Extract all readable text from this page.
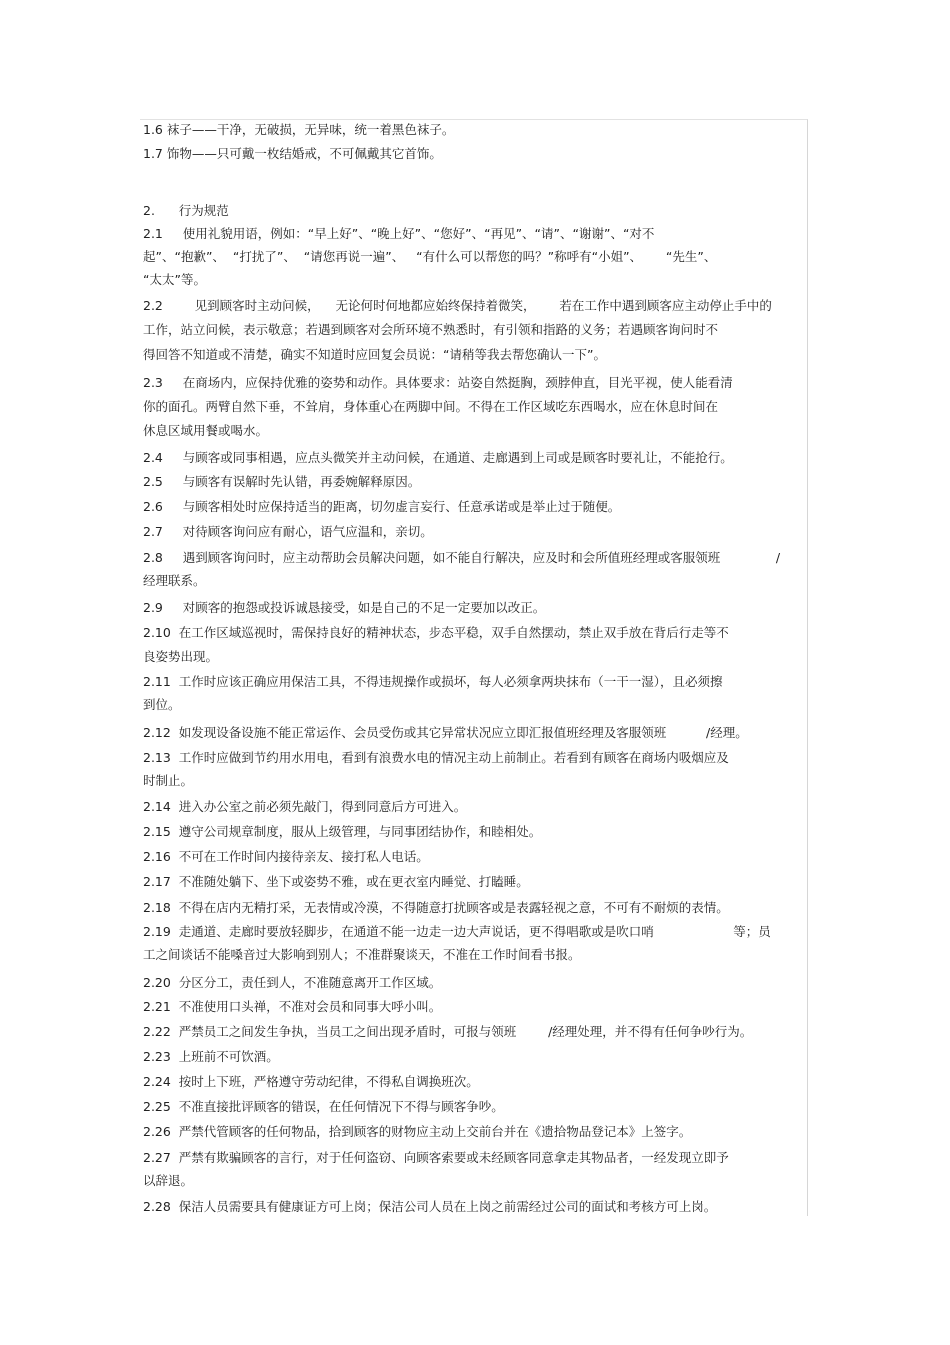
1.6 袜子——干净，无破损，无异味，统一着黑色袜子。
1.7 饰物——只可戴一枚结婚戒，不可佩戴其它首饰。
2.      行为规范
2.1     使用礼貌用语，例如：“早上好”、“晚上好”、“您好”、“再见”、“请”、“谢谢”、“对不
起”、“抱歉”、  “打扰了”、  “请您再说一遍”、   “有什么可以帮您的吗？”称呼有“小姐”、      “先生”、
“太太”等。
2.2        见到顾客时主动问候，    无论何时何地都应始终保持着微笑，      若在工作中遇到顾客应主动停止手中的
工作，站立问候，表示敬意；若遇到顾客对会所环境不熟悉时，有引领和指路的义务；若遇顾客询问时不
得回答不知道或不清楚，确实不知道时应回复会员说：“请稍等我去帮您确认一下”。
2.3     在商场内，应保持优雅的姿势和动作。具体要求：站姿自然挺胸，颈脖伸直，目光平视，使人能看清
你的面孔。两臂自然下垂，不耸肩，身体重心在两脚中间。不得在工作区域吃东西喝水，应在休息时间在
休息区域用餐或喝水。
2.4     与顾客或同事相遇，应点头微笑并主动问候，在通道、走廊遇到上司或是顾客时要礼让，不能抢行。
2.5     与顾客有误解时先认错，再委婉解释原因。
2.6     与顾客相处时应保持适当的距离，切勿虚言妄行、任意承诺或是举止过于随便。
2.7     对待顾客询问应有耐心，语气应温和，亲切。
2.8     遇到顾客询问时，应主动帮助会员解决问题，如不能自行解决，应及时和会所值班经理或客服领班              /
经理联系。
2.9     对顾客的抱怨或投诉诚恳接受，如是自己的不足一定要加以改正。
2.10  在工作区域巡视时，需保持良好的精神状态，步态平稳，双手自然摆动，禁止双手放在背后行走等不
良姿势出现。
2.11  工作时应该正确应用保洁工具，不得违规操作或损坏，每人必须拿两块抹布（一干一湿），且必须擦
到位。
2.12  如发现设备设施不能正常运作、会员受伤或其它异常状况应立即汇报值班经理及客服领班          /经理。
2.13  工作时应做到节约用水用电，看到有浪费水电的情况主动上前制止。若看到有顾客在商场内吸烟应及
时制止。
2.14  进入办公室之前必须先敲门，得到同意后方可进入。
2.15  遵守公司规章制度，服从上级管理，与同事团结协作，和睦相处。
2.16  不可在工作时间内接待亲友、接打私人电话。
2.17  不准随处躺下、坐下或姿势不雅，或在更衣室内睡觉、打瞌睡。
2.18  不得在店内无精打采，无表情或冷漠，不得随意打扰顾客或是表露轻视之意，不可有不耐烦的表情。
2.19  走通道、走廊时要放轻脚步，在通道不能一边走一边大声说话，更不得唱歌或是吹口哨                    等；员
工之间谈话不能嗓音过大影响到别人；不准群聚谈天，不准在工作时间看书报。
2.20  分区分工，责任到人，不准随意离开工作区域。
2.21  不准使用口头禅，不准对会员和同事大呼小叫。
2.22  严禁员工之间发生争执，当员工之间出现矛盾时，可报与领班        /经理处理，并不得有任何争吵行为。
2.23  上班前不可饮酒。
2.24  按时上下班，严格遵守劳动纪律，不得私自调换班次。
2.25  不准直接批评顾客的错误，在任何情况下不得与顾客争吵。
2.26  严禁代管顾客的任何物品，拾到顾客的财物应主动上交前台并在《遗拾物品登记本》上签字。
2.27  严禁有欺骗顾客的言行，对于任何盗窃、向顾客索要或未经顾客同意拿走其物品者，一经发现立即予
以辞退。
2.28  保洁人员需要具有健康证方可上岗；保洁公司人员在上岗之前需经过公司的面试和考核方可上岗。
